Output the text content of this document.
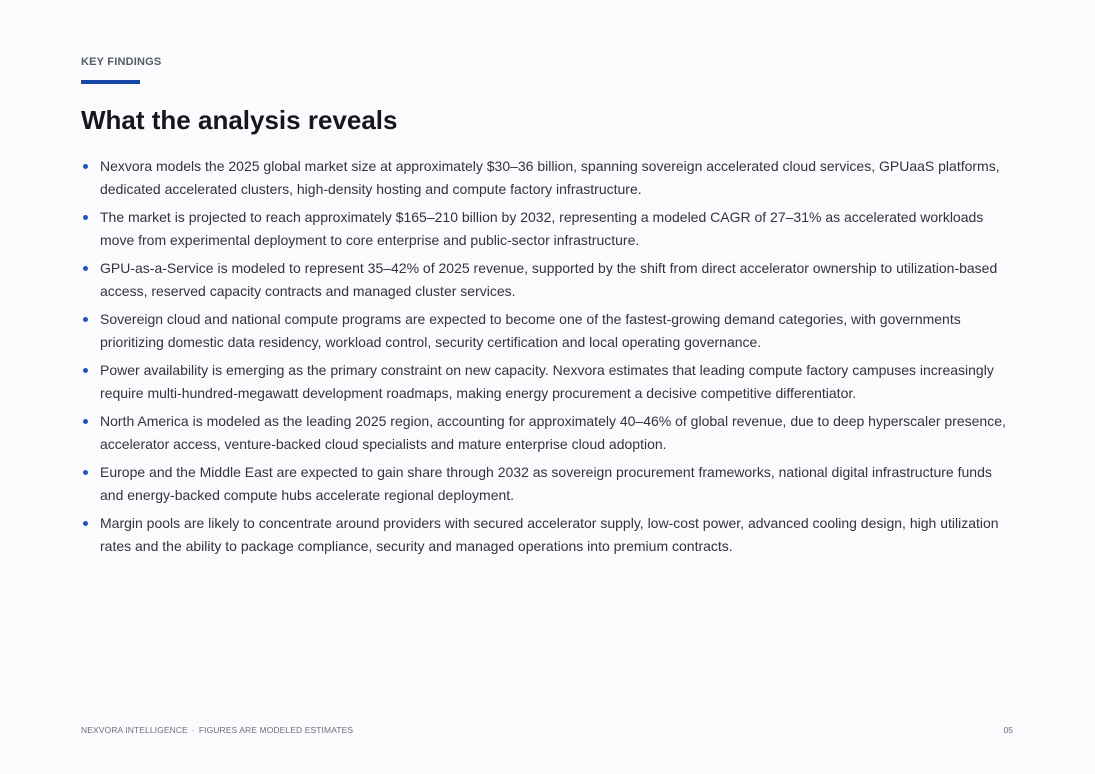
KEY FINDINGS
What the analysis reveals
Nexvora models the 2025 global market size at approximately $30–36 billion, spanning sovereign accelerated cloud services, GPUaaS platforms, dedicated accelerated clusters, high-density hosting and compute factory infrastructure.
The market is projected to reach approximately $165–210 billion by 2032, representing a modeled CAGR of 27–31% as accelerated workloads move from experimental deployment to core enterprise and public-sector infrastructure.
GPU-as-a-Service is modeled to represent 35–42% of 2025 revenue, supported by the shift from direct accelerator ownership to utilization-based access, reserved capacity contracts and managed cluster services.
Sovereign cloud and national compute programs are expected to become one of the fastest-growing demand categories, with governments prioritizing domestic data residency, workload control, security certification and local operating governance.
Power availability is emerging as the primary constraint on new capacity. Nexvora estimates that leading compute factory campuses increasingly require multi-hundred-megawatt development roadmaps, making energy procurement a decisive competitive differentiator.
North America is modeled as the leading 2025 region, accounting for approximately 40–46% of global revenue, due to deep hyperscaler presence, accelerator access, venture-backed cloud specialists and mature enterprise cloud adoption.
Europe and the Middle East are expected to gain share through 2032 as sovereign procurement frameworks, national digital infrastructure funds and energy-backed compute hubs accelerate regional deployment.
Margin pools are likely to concentrate around providers with secured accelerator supply, low-cost power, advanced cooling design, high utilization rates and the ability to package compliance, security and managed operations into premium contracts.
NEXVORA INTELLIGENCE · FIGURES ARE MODELED ESTIMATES	05
